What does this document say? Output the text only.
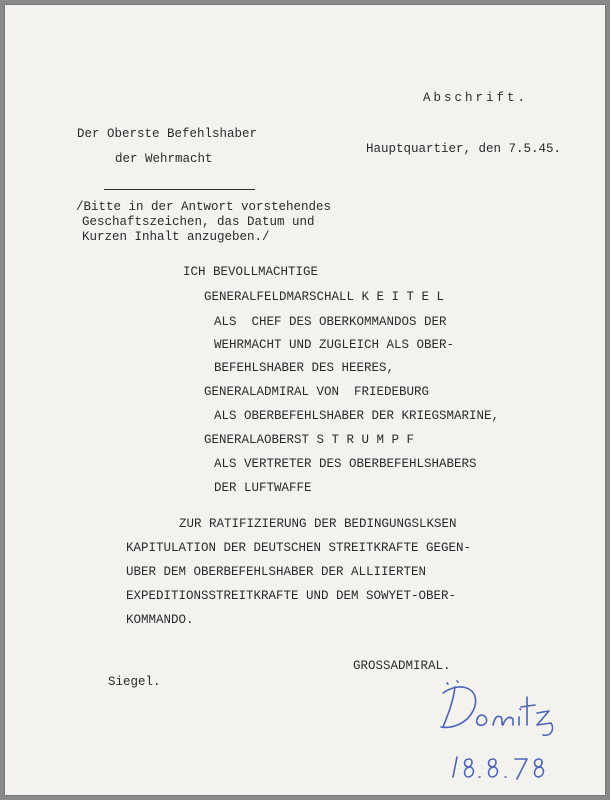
Abschrift.
Der Oberste Befehlshaber
der Wehrmacht
Hauptquartier, den 7.5.45.
/Bitte in der Antwort vorstehendes
Geschaftszeichen, das Datum und
Kurzen Inhalt anzugeben./
ICH BEVOLLMACHTIGE
GENERALFELDMARSCHALL K E I T E L
ALS  CHEF DES OBERKOMMANDOS DER
WEHRMACHT UND ZUGLEICH ALS OBER-
BEFEHLSHABER DES HEERES,
GENERALADMIRAL VON  FRIEDEBURG
ALS OBERBEFEHLSHABER DER KRIEGSMARINE,
GENERALAOBERST S T R U M P F
ALS VERTRETER DES OBERBEFEHLSHABERS
DER LUFTWAFFE
ZUR RATIFIZIERUNG DER BEDINGUNGSLKSEN
KAPITULATION DER DEUTSCHEN STREITKRAFTE GEGEN-
UBER DEM OBERBEFEHLSHABER DER ALLIIERTEN
EXPEDITIONSSTREITKRAFTE UND DEM SOWYET-OBER-
KOMMANDO.
GROSSADMIRAL.
Siegel.
